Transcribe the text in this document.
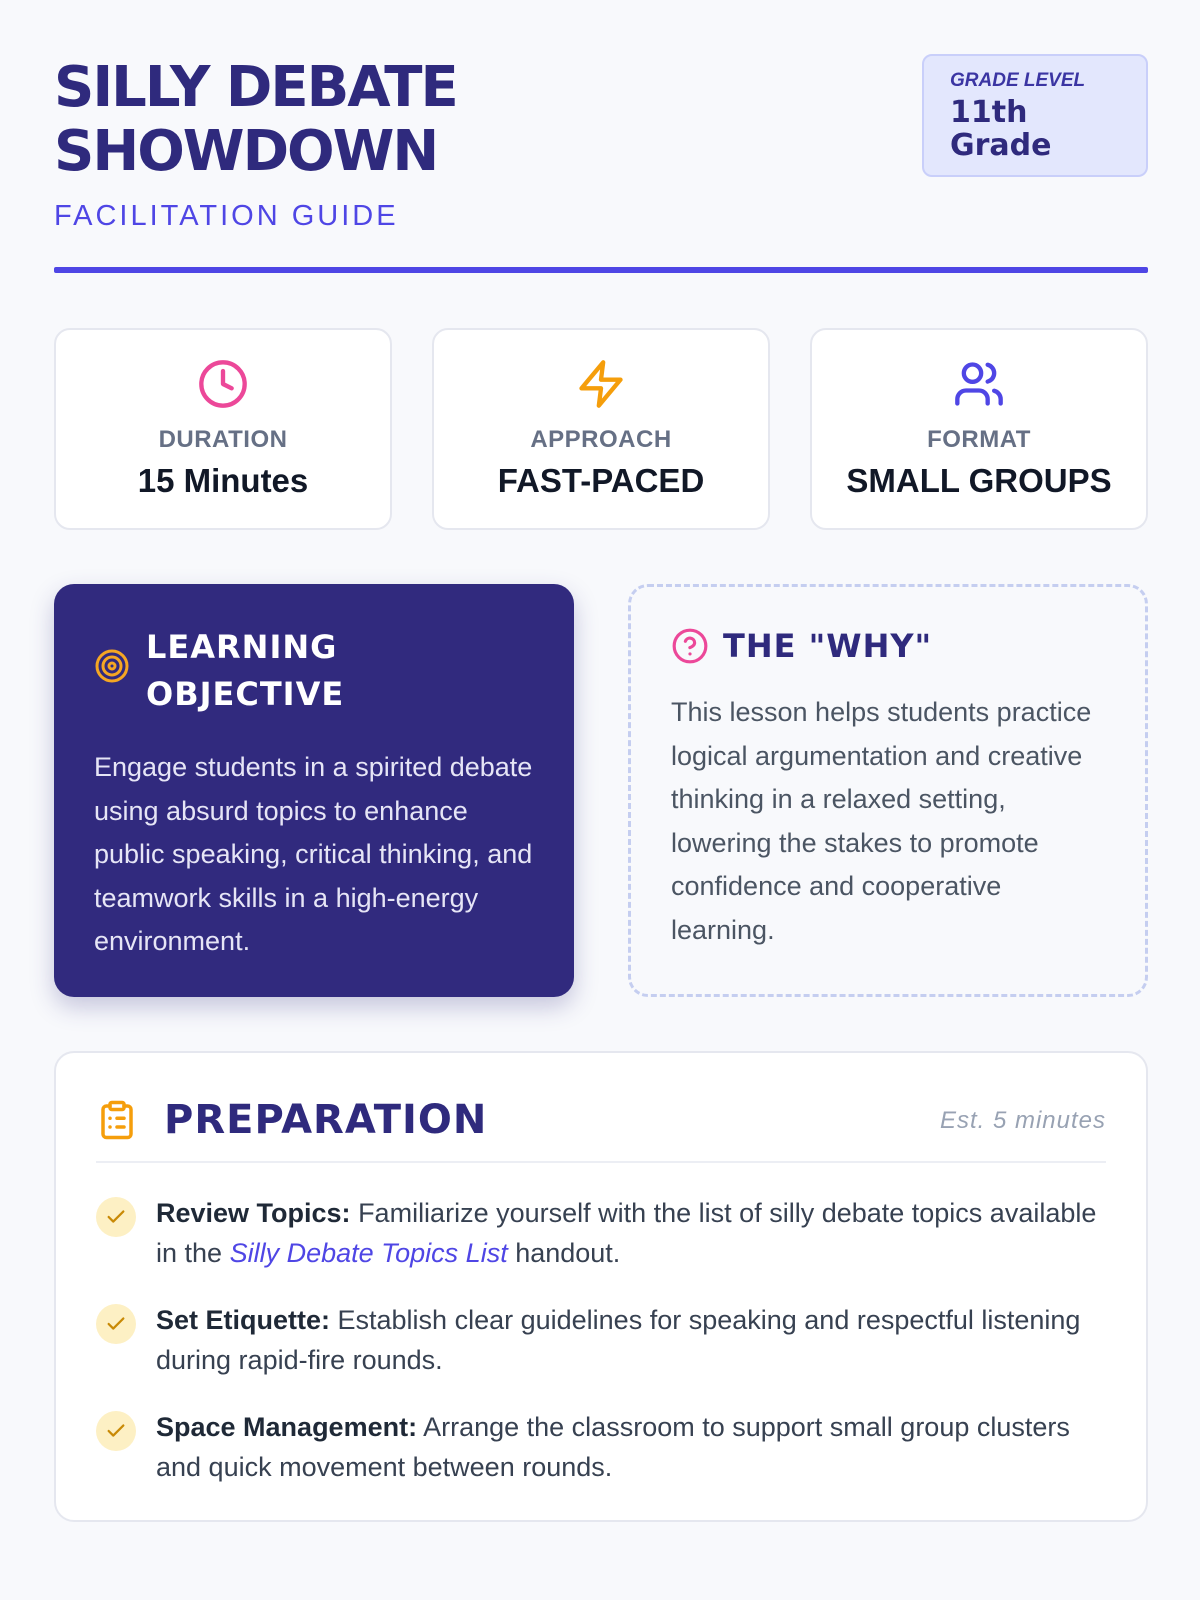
SILLY DEBATE SHOWDOWN
FACILITATION GUIDE
GRADE LEVEL
11th Grade
DURATION
15 Minutes
APPROACH
FAST-PACED
FORMAT
SMALL GROUPS
LEARNING OBJECTIVE

Engage students in a spirited debate using absurd topics to enhance public speaking, critical thinking, and teamwork skills in a high-energy environment.

THE "WHY"

This lesson helps students practice logical argumentation and creative thinking in a relaxed setting, lowering the stakes to promote confidence and cooperative learning.

PREPARATION	Est. 5 minutes
Review Topics: Familiarize yourself with the list of silly debate topics available in the Silly Debate Topics List handout.
Set Etiquette: Establish clear guidelines for speaking and respectful listening during rapid-fire rounds.
Space Management: Arrange the classroom to support small group clusters and quick movement between rounds.
